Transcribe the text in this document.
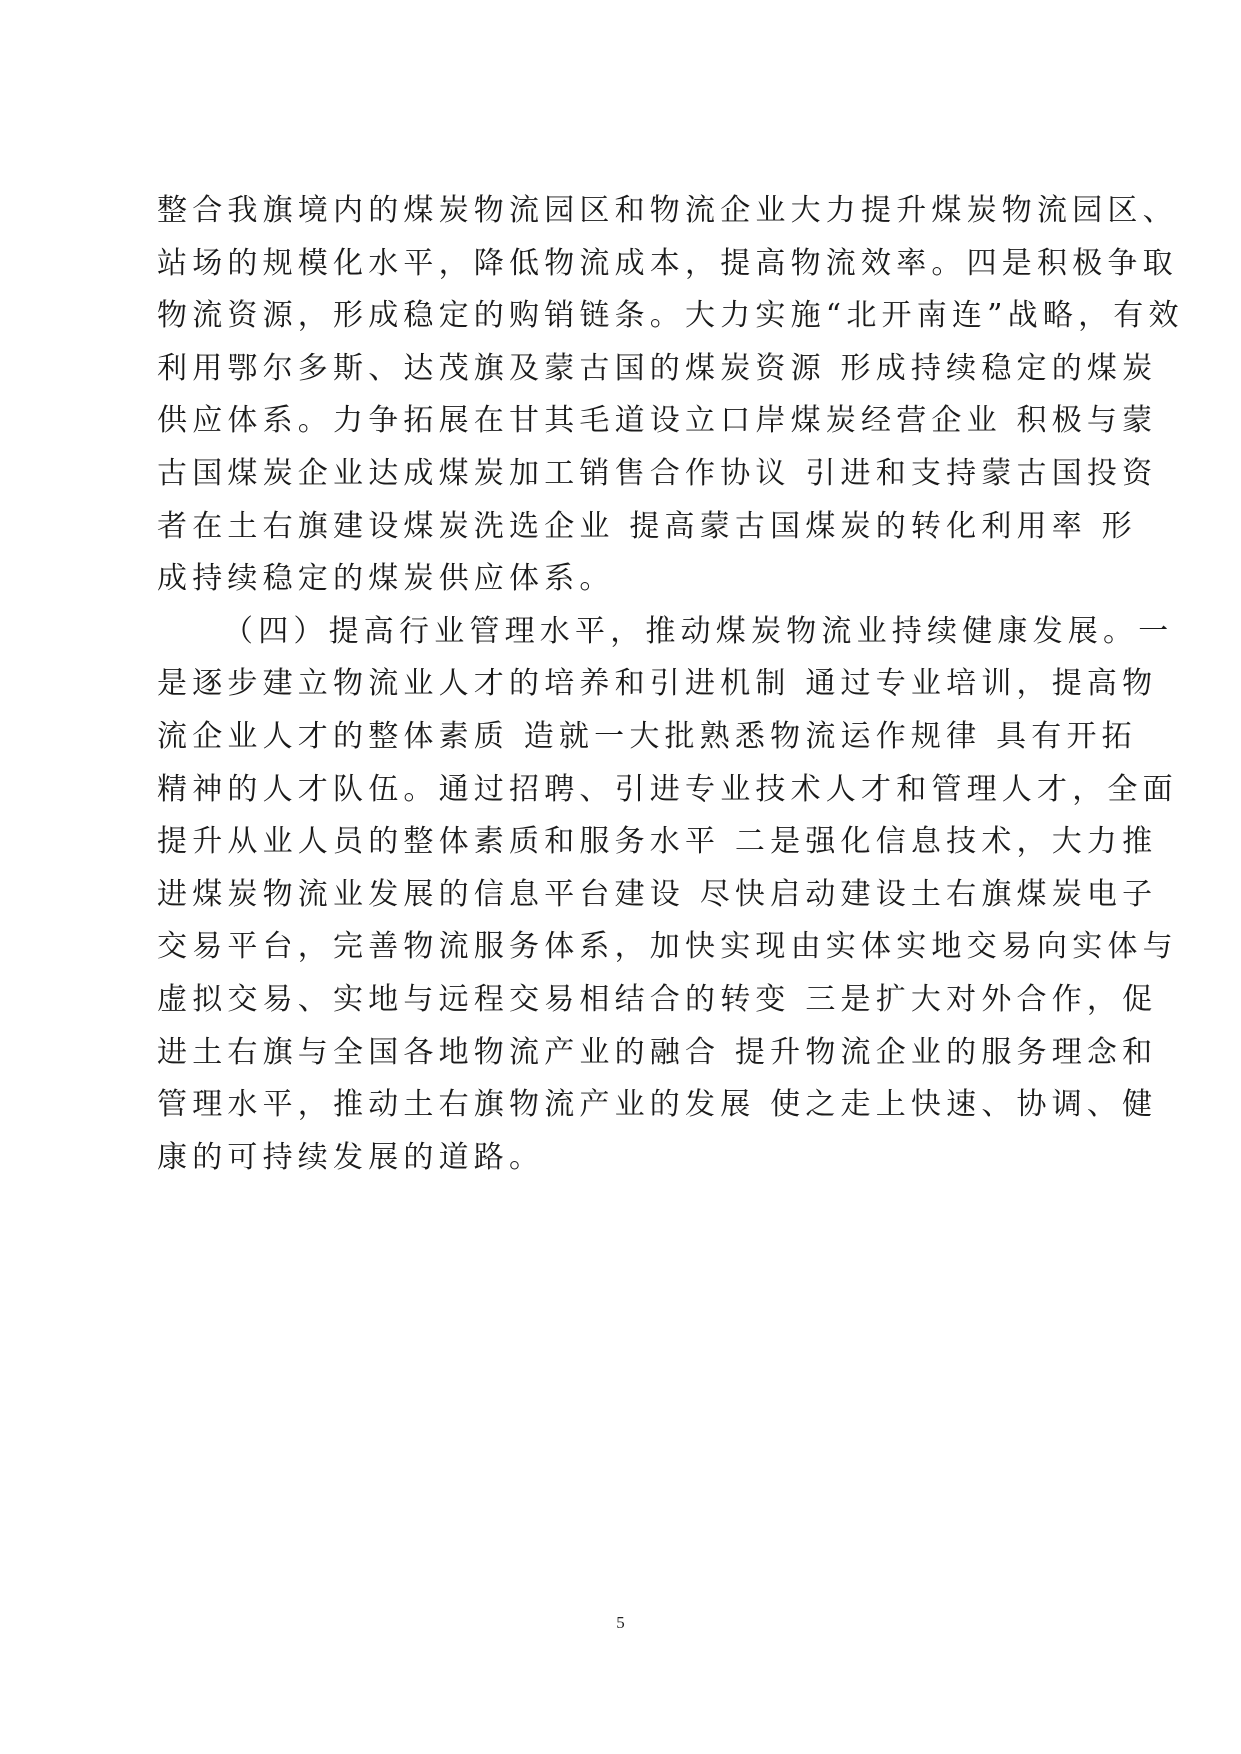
整合我旗境内的煤炭物流园区和物流企业大力提升煤炭物流园区、
站场的规模化水平，降低物流成本，提高物流效率。四是积极争取
物流资源，形成稳定的购销链条。大力实施“北开南连”战略，有效
利用鄂尔多斯、达茂旗及蒙古国的煤炭资源 形成持续稳定的煤炭
供应体系。力争拓展在甘其毛道设立口岸煤炭经营企业 积极与蒙
古国煤炭企业达成煤炭加工销售合作协议 引进和支持蒙古国投资
者在土右旗建设煤炭洗选企业 提高蒙古国煤炭的转化利用率 形
成持续稳定的煤炭供应体系。
（四）提高行业管理水平，推动煤炭物流业持续健康发展。一
是逐步建立物流业人才的培养和引进机制 通过专业培训，提高物
流企业人才的整体素质 造就一大批熟悉物流运作规律 具有开拓
精神的人才队伍。通过招聘、引进专业技术人才和管理人才，全面
提升从业人员的整体素质和服务水平 二是强化信息技术，大力推
进煤炭物流业发展的信息平台建设 尽快启动建设土右旗煤炭电子
交易平台，完善物流服务体系，加快实现由实体实地交易向实体与
虚拟交易、实地与远程交易相结合的转变 三是扩大对外合作，促
进土右旗与全国各地物流产业的融合 提升物流企业的服务理念和
管理水平，推动土右旗物流产业的发展 使之走上快速、协调、健
康的可持续发展的道路。
5
